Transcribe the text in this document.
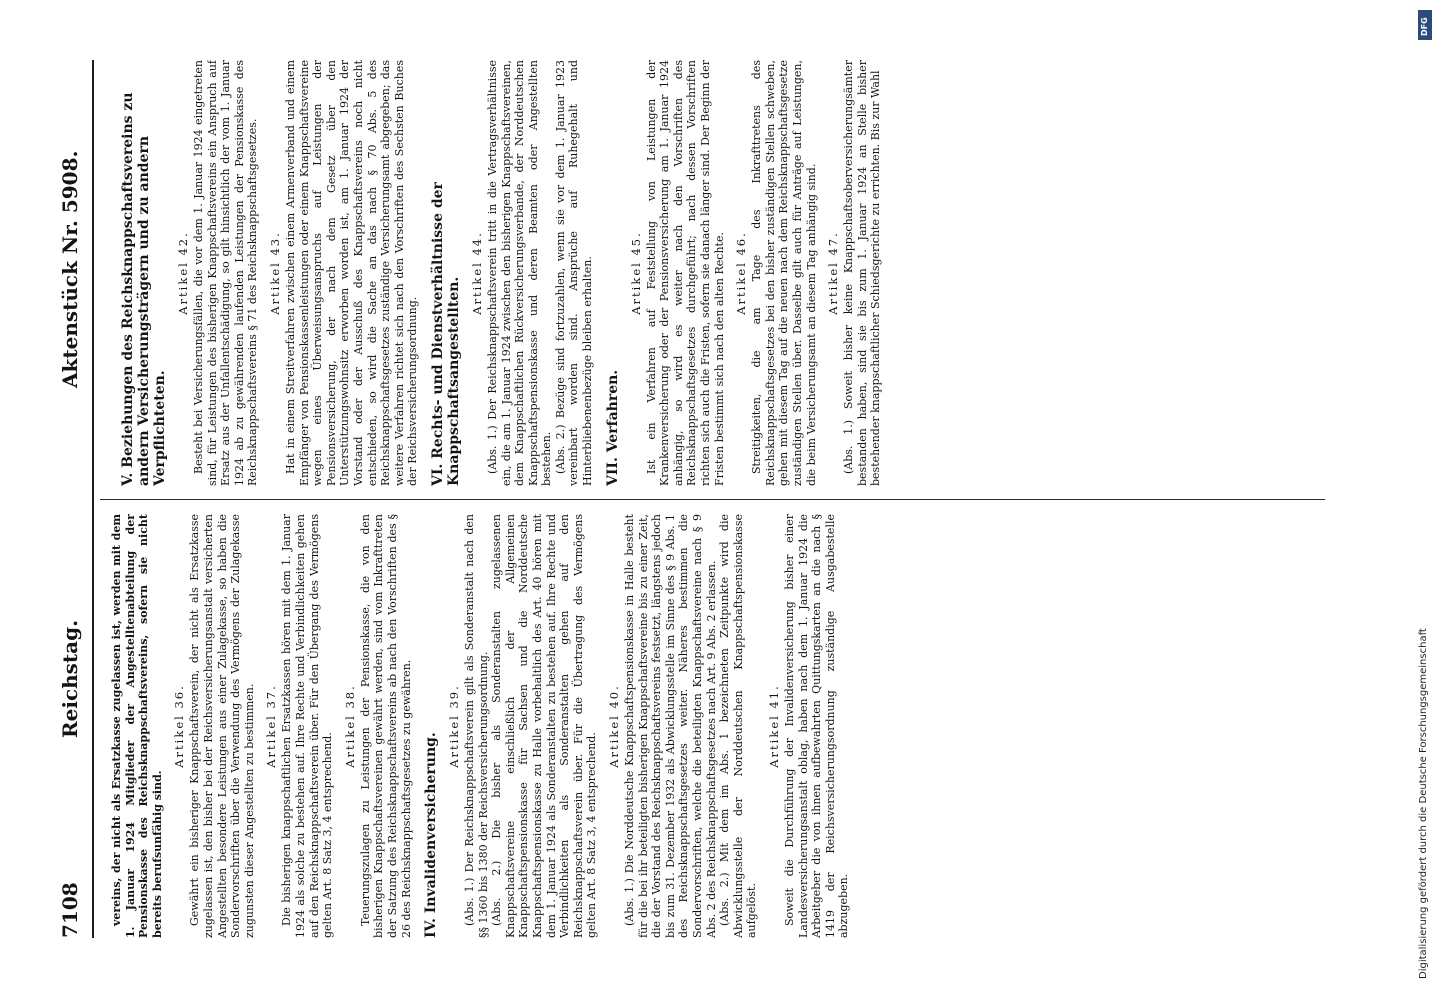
7108
Reichstag.
Aktenstück Nr. 5908.

vereins, der nicht als Ersatzkasse zugelassen ist, werden mit dem 1. Januar 1924 Mitglieder der Angestelltenabteilung der Pensionskasse des Reichsknappschaftsvereins, sofern sie nicht bereits berufsunfähig sind.

Artikel 36. Gewährt ein bisheriger Knappschaftsverein, der nicht als Ersatzkasse zugelassen ist, den bisher bei der Reichsversicherungsanstalt versicherten Angestellten besondere Leistungen aus einer Zulagekasse, so haben die Sondervorschriften über die Verwendung des Vermögens der Zulagekasse zugunsten dieser Angestellten zu bestimmen. Artikel 37. Die bisherigen knappschaftlichen Ersatzkassen hören mit dem 1. Januar 1924 als solche zu bestehen auf. Ihre Rechte und Verbindlichkeiten gehen auf den Reichsknappschaftsverein über. Für den Übergang des Vermögens gelten Art. 8 Satz 3, 4 entsprechend.

Artikel 38. Teuerungszulagen zu Leistungen der Pensionskasse, die von den bisherigen Knappschaftsvereinen gewährt werden, sind vom Inkrafttreten der Satzung des Reichsknappschaftsvereins ab nach den Vorschriften des § 26 des Reichsknappschaftsgesetzes zu gewähren. IV. Invalidenversicherung.
Artikel 39. (Abs. 1.) Der Reichsknappschaftsverein gilt als Sonderanstalt nach den §§ 1360 bis 1380 der Reichsversicherungsordnung. (Abs. 2.) Die bisher als Sonderanstalten zugelassenen Knappschaftsvereine einschließlich der Allgemeinen Knappschaftspensionskasse für Sachsen und die Norddeutsche Knappschaftspensionskasse zu Halle vorbehaltlich des Art. 40 hören mit dem 1. Januar 1924 als Sonderanstalten zu bestehen auf. Ihre Rechte und Verbindlichkeiten als Sonderanstalten gehen auf den Reichsknappschaftsverein über. Für die Übertragung des Vermögens gelten Art. 8 Satz 3, 4 entsprechend.

Artikel 40. (Abs. 1.) Die Norddeutsche Knappschaftspensionskasse in Halle besteht für die bei ihr beteiligten bisherigen Knappschaftsvereine bis zu einer Zeit, die der Vorstand des Reichsknappschaftsvereins festsetzt, längstens jedoch bis zum 31. Dezember 1932 als Abwicklungsstelle im Sinne des § 9 Abs. 1 des Reichsknappschaftsgesetzes weiter. Näheres bestimmen die Sondervorschriften, welche die beteiligten Knappschaftsvereine nach § 9 Abs. 2 des Reichsknappschaftsgesetzes nach Art. 9 Abs. 2 erlassen. (Abs. 2.) Mit dem im Abs. 1 bezeichneten Zeitpunkte wird die Abwicklungsstelle der Norddeutschen Knappschaftspensionskasse aufgelöst.

Artikel 41. Soweit die Durchführung der Invalidenversicherung bisher einer Landesversicherungsanstalt oblag, haben nach dem 1. Januar 1924 die Arbeitgeber die von ihnen aufbewahrten Quittungskarten an die nach § 1419 der Reichsversicherungsordnung zuständige Ausgabestelle abzugeben.

V. Beziehungen des Reichsknappschaftsvereins zu andern Versicherungsträgern und zu andern Verpflichteten.
Artikel 42. Besteht bei Versicherungsfällen, die vor dem 1. Januar 1924 eingetreten sind, für Leistungen des bisherigen Knappschaftsvereins ein Anspruch auf Ersatz aus der Unfallentschädigung, so gilt hinsichtlich der vom 1. Januar 1924 ab zu gewährenden laufenden Leistungen der Pensionskasse des Reichsknappschaftsvereins § 71 des Reichsknappschaftsgesetzes. Artikel 43. Hat in einem Streitverfahren zwischen einem Armenverband und einem Empfänger von Pensionskassenleistungen oder einem Knappschaftsvereine wegen eines Überweisungsanspruchs auf Leistungen der Pensionsversicherung, der nach dem Gesetz über den Unterstützungswohnsitz erworben worden ist, am 1. Januar 1924 der Vorstand oder der Ausschuß des Knappschaftsvereins noch nicht entschieden, so wird die Sache an das nach § 70 Abs. 5 des Reichsknappschaftsgesetzes zuständige Versicherungsamt abgegeben; das weitere Verfahren richtet sich nach den Vorschriften des Sechsten Buches der Reichsversicherungsordnung. VI. Rechts- und Dienstverhältnisse der Knappschaftsangestellten.
Artikel 44. (Abs. 1.) Der Reichsknappschaftsverein tritt in die Vertragsverhältnisse ein, die am 1. Januar 1924 zwischen den bisherigen Knappschaftsvereinen, dem Knappschaftlichen Rückversicherungsverbande, der Norddeutschen Knappschaftspensionskasse und deren Beamten oder Angestellten bestehen. (Abs. 2.) Bezüge sind fortzuzahlen, wenn sie vor dem 1. Januar 1923 vereinbart worden sind. Ansprüche auf Ruhegehalt und Hinterbliebenenbezüge bleiben erhalten. VII. Verfahren.
Artikel 45. Ist ein Verfahren auf Feststellung von Leistungen der Krankenversicherung oder der Pensionsversicherung am 1. Januar 1924 anhängig, so wird es weiter nach den Vorschriften des Reichsknappschaftsgesetzes durchgeführt; nach dessen Vorschriften richten sich auch die Fristen, sofern sie danach länger sind. Der Beginn der Fristen bestimmt sich nach den alten Rechte. Artikel 46. Streitigkeiten, die am Tage des Inkrafttretens des Reichsknappschaftsgesetzes bei den bisher zuständigen Stellen schweben, gehen mit diesem Tag auf die neuen nach dem Reichsknappschaftsgesetze zuständigen Stellen über. Dasselbe gilt auch für Anträge auf Leistungen, die beim Versicherungsamt an diesem Tag anhängig sind. Artikel 47. (Abs. 1.) Soweit bisher keine Knappschaftsoberversicherungsämter bestanden haben, sind sie bis zum 1. Januar 1924 an Stelle bisher bestehender knappschaftlicher Schiedsgerichte zu errichten. Bis zur Wahl

Digitalisierung gefördert durch die Deutsche Forschungsgemeinschaft
DFG
